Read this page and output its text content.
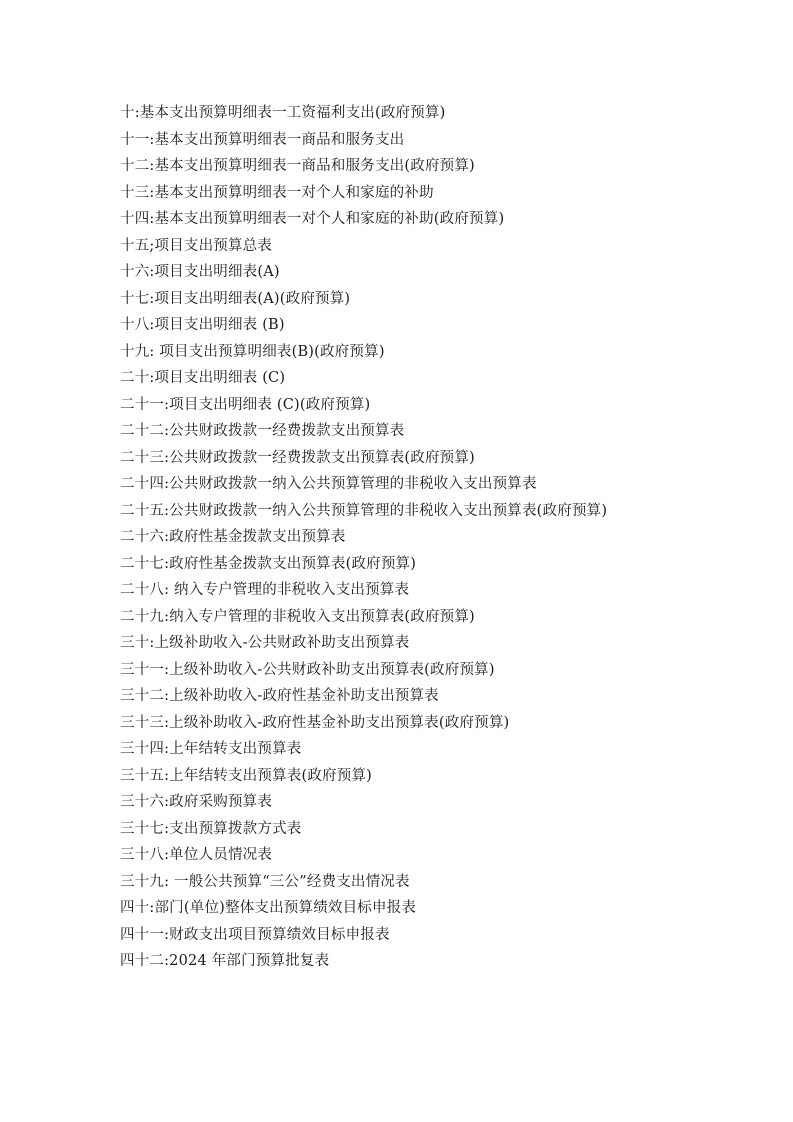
十:基本支出预算明细表一工资福利支出(政府预算)
十一:基本支出预算明细表一商品和服务支出
十二:基本支出预算明细表一商品和服务支出(政府预算)
十三:基本支出预算明细表一对个人和家庭的补助
十四:基本支出预算明细表一对个人和家庭的补助(政府预算)
十五;项目支出预算总表
十六:项目支出明细表(A)
十七:项目支出明细表(A)(政府预算)
十八:项目支出明细表 (B)
十九: 项目支出预算明细表(B)(政府预算)
二十:项目支出明细表 (C)
二十一:项目支出明细表 (C)(政府预算)
二十二:公共财政拨款一经费拨款支出预算表
二十三:公共财政拨款一经费拨款支出预算表(政府预算)
二十四:公共财政拨款一纳入公共预算管理的非税收入支出预算表
二十五:公共财政拨款一纳入公共预算管理的非税收入支出预算表(政府预算)
二十六:政府性基金拨款支出预算表
二十七:政府性基金拨款支出预算表(政府预算)
二十八: 纳入专户管理的非税收入支出预算表
二十九:纳入专户管理的非税收入支出预算表(政府预算)
三十:上级补助收入-公共财政补助支出预算表
三十一:上级补助收入-公共财政补助支出预算表(政府预算)
三十二:上级补助收入-政府性基金补助支出预算表
三十三:上级补助收入-政府性基金补助支出预算表(政府预算)
三十四:上年结转支出预算表
三十五:上年结转支出预算表(政府预算)
三十六:政府采购预算表
三十七:支出预算拨款方式表
三十八:单位人员情况表
三十九: 一般公共预算“三公”经费支出情况表
四十:部门(单位)整体支出预算绩效目标申报表
四十一:财政支出项目预算绩效目标申报表
四十二:2024 年部门预算批复表
